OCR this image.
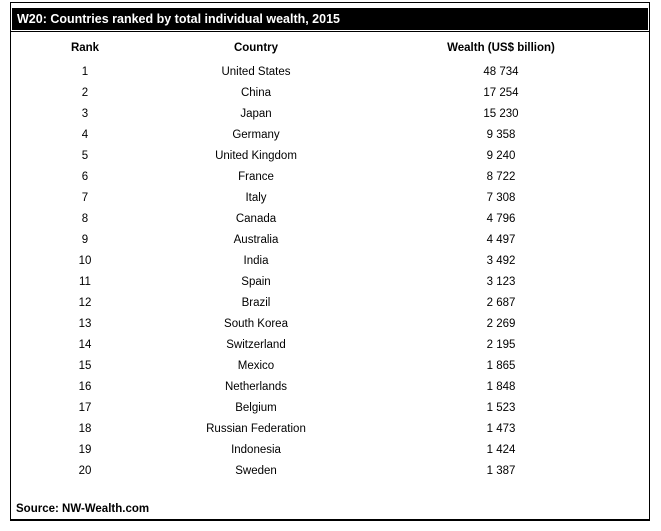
W20: Countries ranked by total individual wealth, 2015
Rank	Country	Wealth (US$ billion)
1	United States	48 734
2	China	17 254
3	Japan	15 230
4	Germany	9 358
5	United Kingdom	9 240
6	France	8 722
7	Italy	7 308
8	Canada	4 796
9	Australia	4 497
10	India	3 492
11	Spain	3 123
12	Brazil	2 687
13	South Korea	2 269
14	Switzerland	2 195
15	Mexico	1 865
16	Netherlands	1 848
17	Belgium	1 523
18	Russian Federation	1 473
19	Indonesia	1 424
20	Sweden	1 387
Source: NW-Wealth.com
